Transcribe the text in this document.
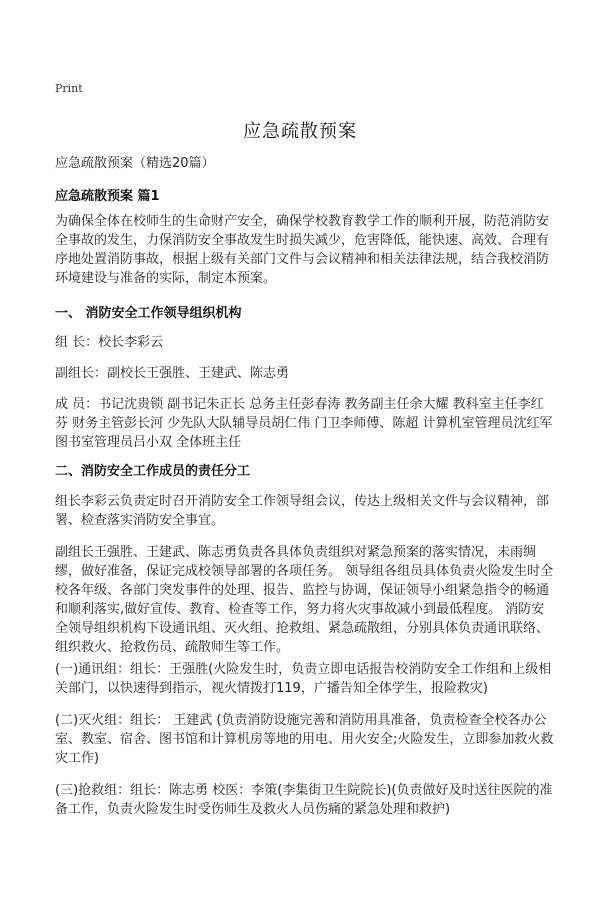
Print
应急疏散预案
应急疏散预案（精选20篇）
应急疏散预案 篇1
为确保全体在校师生的生命财产安全，确保学校教育教学工作的顺利开展，防范消防安全事故的发生，力保消防安全事故发生时损失减少，危害降低，能快速、高效、合理有序地处置消防事故，根据上级有关部门文件与会议精神和相关法律法规，结合我校消防环境建设与准备的实际，制定本预案。
一、 消防安全工作领导组织机构
组 长：校长李彩云
副组长：副校长王强胜、王建武、陈志勇
成 员：书记沈贵锁 副书记朱正长 总务主任彭春涛 教务副主任余大耀 教科室主任李红芬 财务主管彭长河 少先队大队辅导员胡仁伟 门卫李师傅、陈超 计算机室管理员沈红军 图书室管理员吕小双 全体班主任
二、消防安全工作成员的责任分工
组长李彩云负责定时召开消防安全工作领导组会议，传达上级相关文件与会议精神，部署、检查落实消防安全事宜。
副组长王强胜、王建武、陈志勇负责各具体负责组织对紧急预案的落实情况，未雨绸缪，做好准备，保证完成校领导部署的各项任务。 领导组各组员具体负责火险发生时全校各年级、各部门突发事件的处理、报告、监控与协调，保证领导小组紧急指令的畅通和顺利落实,做好宣传、教育、检查等工作，努力将火灾事故减小到最低程度。 消防安全领导组织机构下设通讯组、灭火组、抢救组、紧急疏散组，分别具体负责通讯联络、组织救火、抢救伤员、疏散师生等工作。
(一)通讯组：组长：王强胜(火险发生时，负责立即电话报告校消防安全工作组和上级相关部门，以快速得到指示，视火情拨打119，广播告知全体学生，报险救灾)
(二)灭火组：组长： 王建武 (负责消防设施完善和消防用具准备，负责检查全校各办公室、教室、宿舍、图书馆和计算机房等地的用电、用火安全;火险发生，立即参加救火救灾工作)
(三)抢救组：组长：陈志勇 校医：李策(李集街卫生院院长)(负责做好及时送往医院的准备工作，负责火险发生时受伤师生及救火人员伤痛的紧急处理和救护)
